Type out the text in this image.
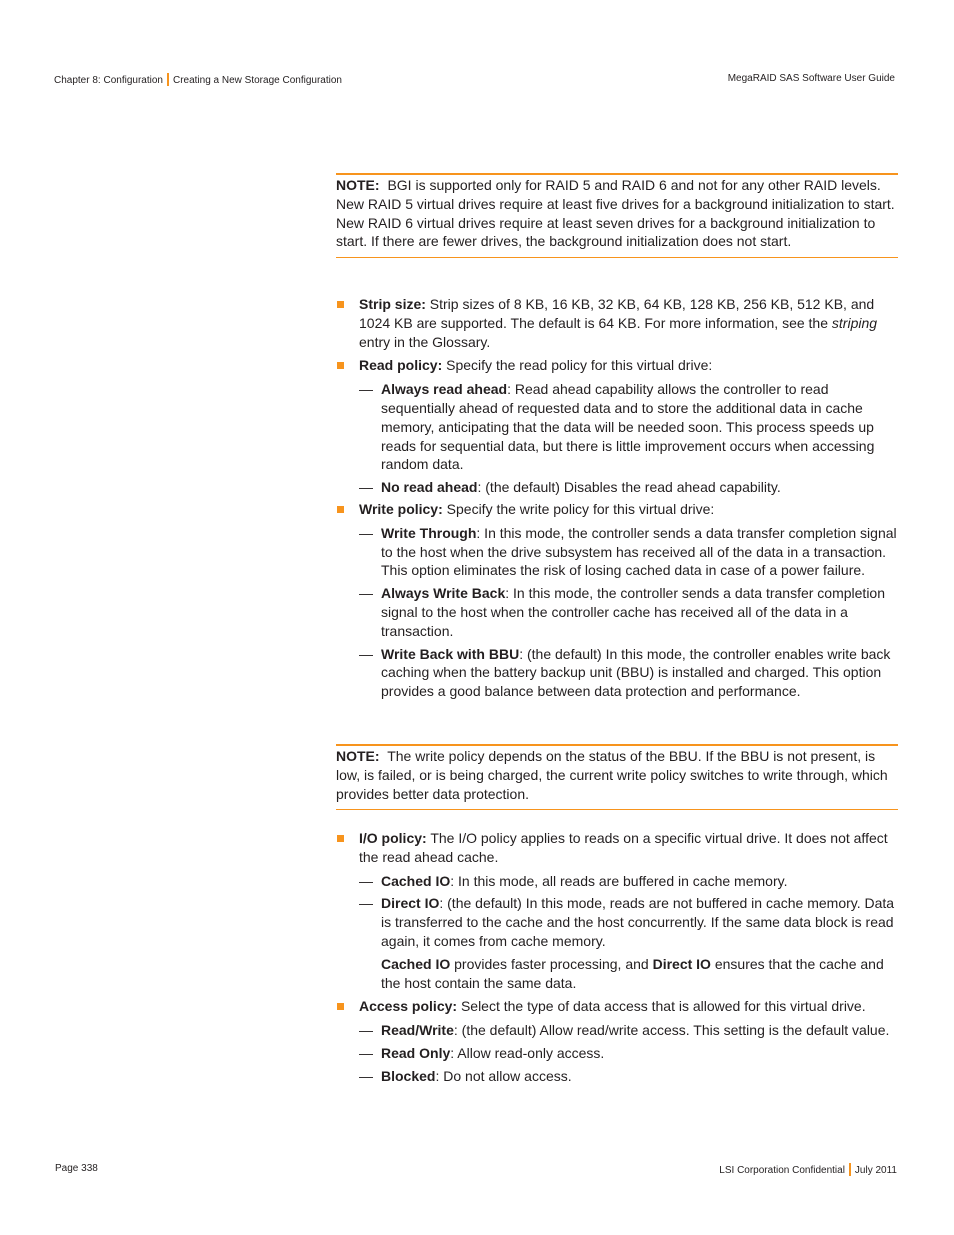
Chapter 8: Configuration Creating a New Storage Configuration	MegaRAID SAS Software User Guide
NOTE: BGI is supported only for RAID 5 and RAID 6 and not for any other RAID levels. New RAID 5 virtual drives require at least five drives for a background initialization to start. New RAID 6 virtual drives require at least seven drives for a background initialization to start. If there are fewer drives, the background initialization does not start.
Strip size: Strip sizes of 8 KB, 16 KB, 32 KB, 64 KB, 128 KB, 256 KB, 512 KB, and 1024 KB are supported. The default is 64 KB. For more information, see the striping entry in the Glossary.
Read policy: Specify the read policy for this virtual drive:
— Always read ahead: Read ahead capability allows the controller to read sequentially ahead of requested data and to store the additional data in cache memory, anticipating that the data will be needed soon. This process speeds up reads for sequential data, but there is little improvement occurs when accessing random data.
— No read ahead: (the default) Disables the read ahead capability.
Write policy: Specify the write policy for this virtual drive:
— Write Through: In this mode, the controller sends a data transfer completion signal to the host when the drive subsystem has received all of the data in a transaction. This option eliminates the risk of losing cached data in case of a power failure.
— Always Write Back: In this mode, the controller sends a data transfer completion signal to the host when the controller cache has received all of the data in a transaction.
— Write Back with BBU: (the default) In this mode, the controller enables write back caching when the battery backup unit (BBU) is installed and charged. This option provides a good balance between data protection and performance.
NOTE: The write policy depends on the status of the BBU. If the BBU is not present, is low, is failed, or is being charged, the current write policy switches to write through, which provides better data protection.
I/O policy: The I/O policy applies to reads on a specific virtual drive. It does not affect the read ahead cache.
— Cached IO: In this mode, all reads are buffered in cache memory.
— Direct IO: (the default) In this mode, reads are not buffered in cache memory. Data is transferred to the cache and the host concurrently. If the same data block is read again, it comes from cache memory.
Cached IO provides faster processing, and Direct IO ensures that the cache and the host contain the same data.
Access policy: Select the type of data access that is allowed for this virtual drive.
— Read/Write: (the default) Allow read/write access. This setting is the default value.
— Read Only: Allow read-only access.
— Blocked: Do not allow access.
Page 338	LSI Corporation Confidential July 2011
